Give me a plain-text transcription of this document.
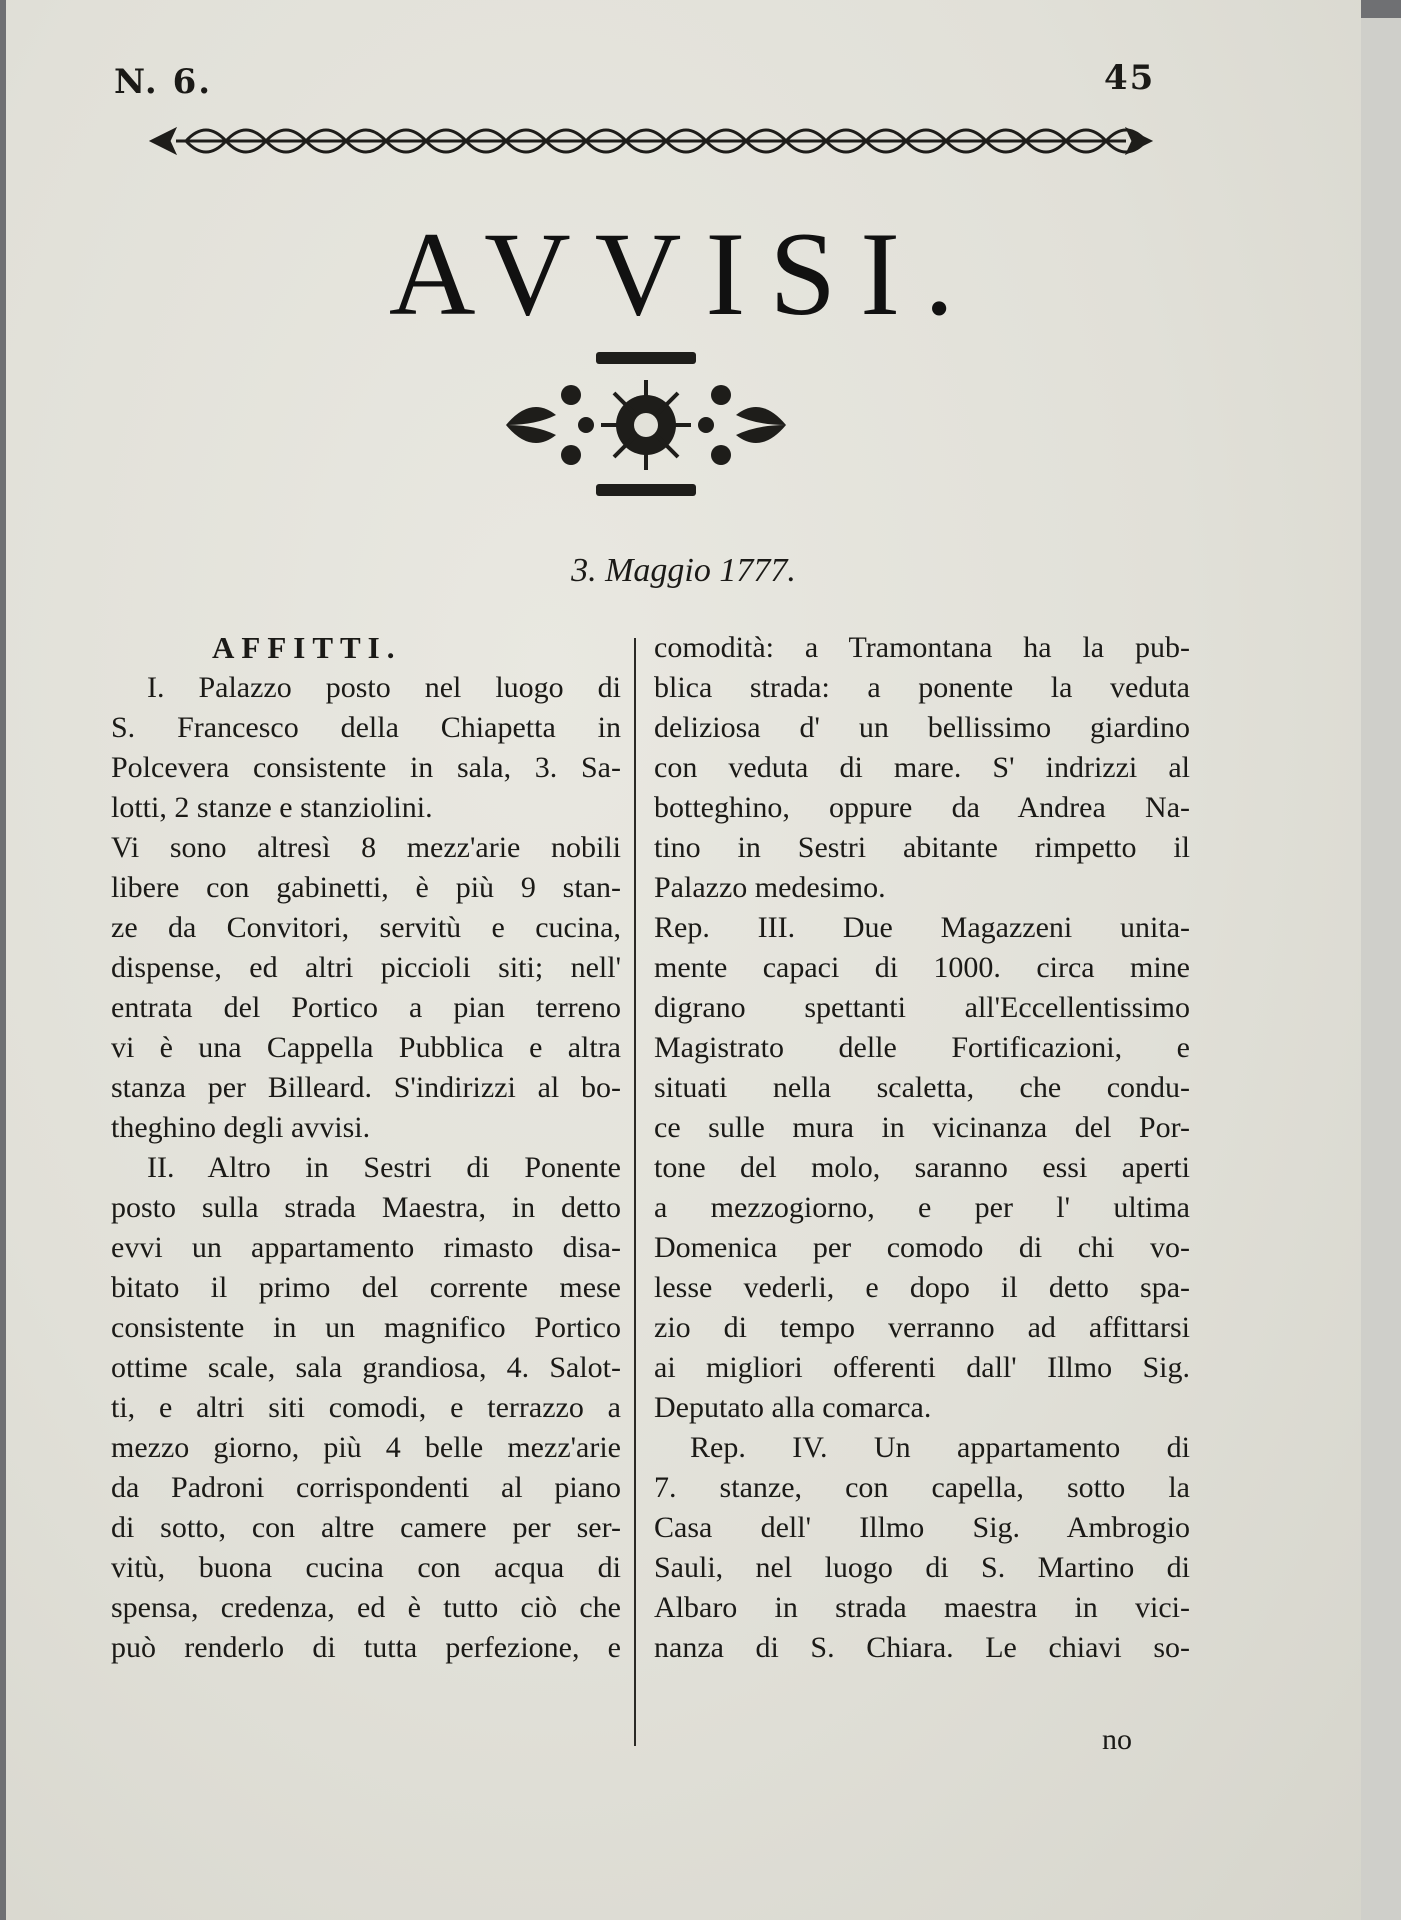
N. 6.	45
AVVISI.
3. Maggio 1777.
AFFITTI.
I. Palazzo posto nel luogo di
S. Francesco della Chiapetta in
Polcevera consistente in sala, 3. Sa-
lotti, 2 stanze e stanziolini.
Vi sono altresì 8 mezz'arie nobili
libere con gabinetti, è più 9 stan-
ze da Convitori, servitù e cucina,
dispense, ed altri piccioli siti; nell'
entrata del Portico a pian terreno
vi è una Cappella Pubblica e altra
stanza per Billeard. S'indirizzi al bo-
theghino degli avvisi.
II. Altro in Sestri di Ponente
posto sulla strada Maestra, in detto
evvi un appartamento rimasto disa-
bitato il primo del corrente mese
consistente in un magnifico Portico
ottime scale, sala grandiosa, 4. Salot-
ti, e altri siti comodi, e terrazzo a
mezzo giorno, più 4 belle mezz'arie
da Padroni corrispondenti al piano
di sotto, con altre camere per ser-
vitù, buona cucina con acqua di
spensa, credenza, ed è tutto ciò che
può renderlo di tutta perfezione, e
comodità: a Tramontana ha la pub-
blica strada: a ponente la veduta
deliziosa d' un bellissimo giardino
con veduta di mare. S' indrizzi al
botteghino, oppure da Andrea Na-
tino in Sestri abitante rimpetto il
Palazzo medesimo.
Rep. III. Due Magazzeni unita-
mente capaci di 1000. circa mine
digrano spettanti all'Eccellentissimo
Magistrato delle Fortificazioni, e
situati nella scaletta, che condu-
ce sulle mura in vicinanza del Por-
tone del molo, saranno essi aperti
a mezzogiorno, e per l' ultima
Domenica per comodo di chi vo-
lesse vederli, e dopo il detto spa-
zio di tempo verranno ad affittarsi
ai migliori offerenti dall' Illmo Sig.
Deputato alla comarca.
Rep. IV. Un appartamento di
7. stanze, con capella, sotto la
Casa dell' Illmo Sig. Ambrogio
Sauli, nel luogo di S. Martino di
Albaro in strada maestra in vici-
nanza di S. Chiara. Le chiavi so-
no
